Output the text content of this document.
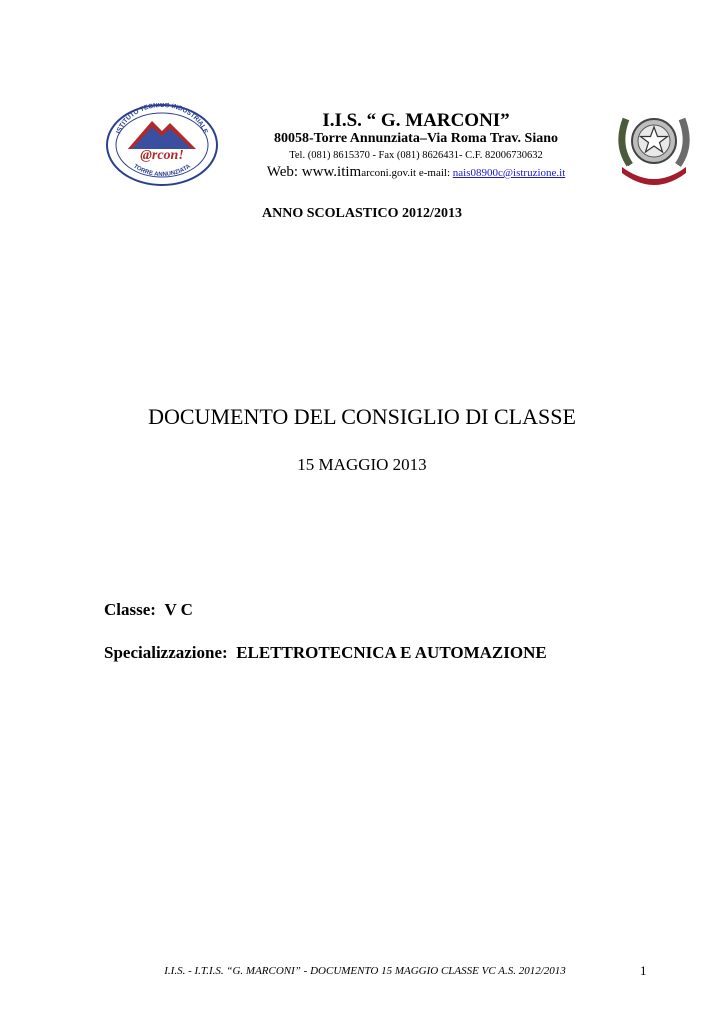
ISTITUTO TECNICO INDUSTRIALE
TORRE ANNUNZIATA
@rcon!
I.I.S. “ G. MARCONI”
80058-Torre Annunziata–Via Roma Trav. Siano
Tel. (081) 8615370 - Fax (081) 8626431- C.F. 82006730632
Web: www.itimarconi.gov.it e-mail: nais08900c@istruzione.it	REPUBBLICA ITALIANA
ANNO SCOLASTICO 2012/2013
DOCUMENTO DEL CONSIGLIO DI CLASSE
15 MAGGIO 2013
Classe: V C
Specializzazione: ELETTROTECNICA E AUTOMAZIONE
I.I.S. - I.T.I.S. “G. MARCONI” - DOCUMENTO 15 MAGGIO CLASSE VC A.S. 2012/2013	1
